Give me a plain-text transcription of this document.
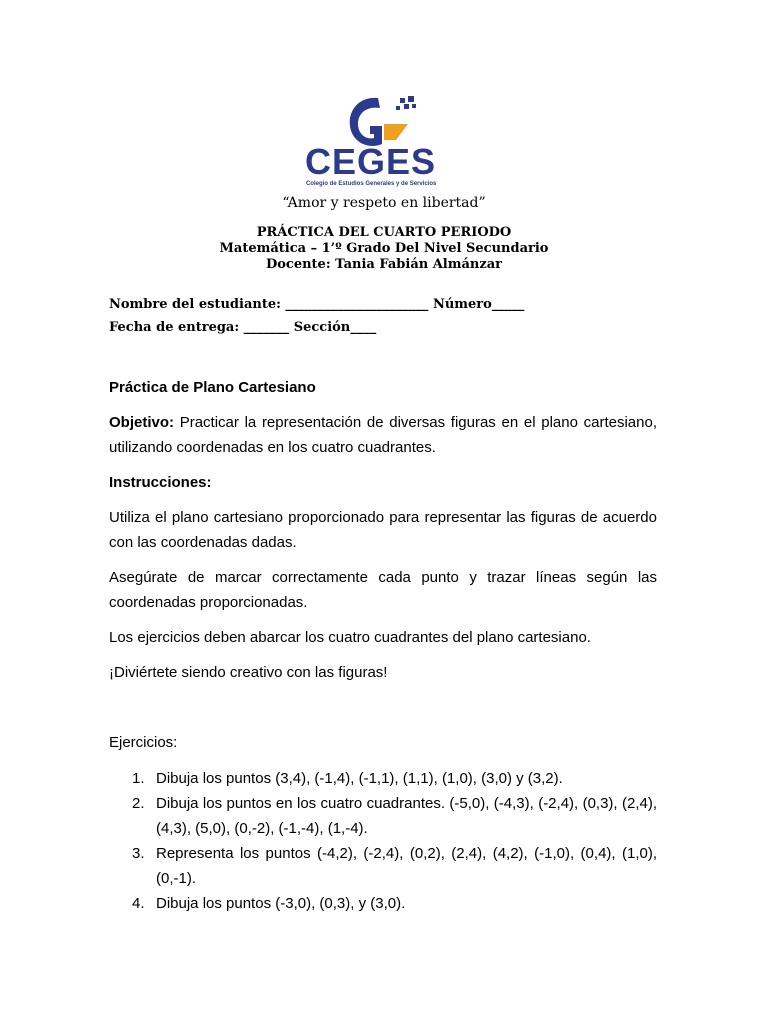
CEGES
Colegio de Estudios Generales y de Servicios
“Amor y respeto en libertad”
PRÁCTICA DEL CUARTO PERIODO
Matemática – 1’º Grado Del Nivel Secundario
Docente: Tania Fabián Almánzar
Nombre del estudiante: ______________________ Número_____
Fecha de entrega: _______ Sección____
Práctica de Plano Cartesiano
Objetivo: Practicar la representación de diversas figuras en el plano cartesiano, utilizando coordenadas en los cuatro cuadrantes.
Instrucciones:
Utiliza el plano cartesiano proporcionado para representar las figuras de acuerdo con las coordenadas dadas.
Asegúrate de marcar correctamente cada punto y trazar líneas según las coordenadas proporcionadas.
Los ejercicios deben abarcar los cuatro cuadrantes del plano cartesiano.
¡Diviértete siendo creativo con las figuras!
Ejercicios:
1. Dibuja los puntos (3,4), (-1,4), (-1,1), (1,1), (1,0), (3,0) y (3,2).
2. Dibuja los puntos en los cuatro cuadrantes. (-5,0), (-4,3), (-2,4), (0,3), (2,4), (4,3), (5,0), (0,-2), (-1,-4), (1,-4).
3. Representa los puntos (-4,2), (-2,4), (0,2), (2,4), (4,2), (-1,0), (0,4), (1,0), (0,-1).
4. Dibuja los puntos (-3,0), (0,3), y (3,0).
